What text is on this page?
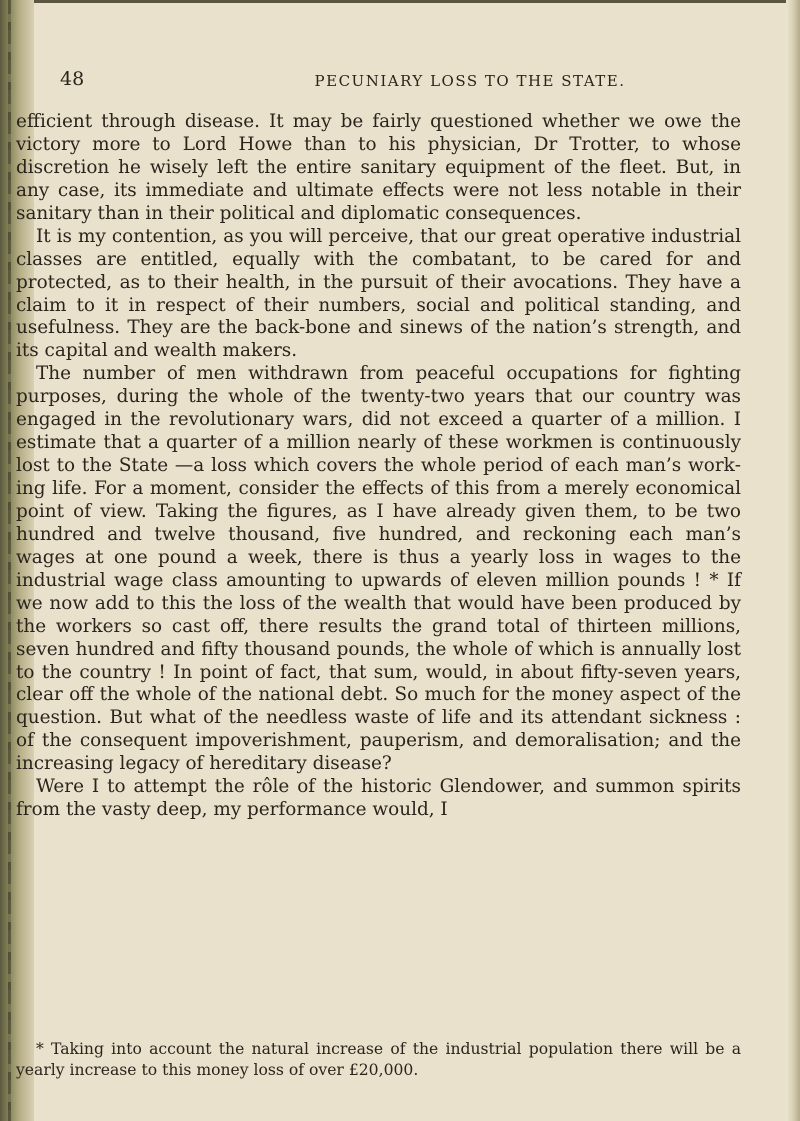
48	PECUNIARY LOSS TO THE STATE.

efficient through disease. It may be fairly questioned whether we owe the victory more to Lord Howe than to his physician, Dr Trotter, to whose discretion he wisely left the entire sanitary equipment of the fleet. But, in any case, its immediate and ultimate effects were not less notable in their sanitary than in their political and diplomatic consequences.

It is my contention, as you will perceive, that our great operative industrial classes are entitled, equally with the combatant, to be cared for and protected, as to their health, in the pursuit of their avocations. They have a claim to it in respect of their numbers, social and political standing, and usefulness. They are the back-bone and sinews of the nation’s strength, and its capital and wealth makers.

The number of men withdrawn from peaceful occupations for fighting purposes, during the whole of the twenty-two years that our country was engaged in the revolutionary wars, did not exceed a quarter of a million. I estimate that a quarter of a million nearly of these workmen is continuously lost to the State —a loss which covers the whole period of each man’s working life. For a moment, consider the effects of this from a merely economical point of view. Taking the figures, as I have already given them, to be two hundred and twelve thousand, five hundred, and reckoning each man’s wages at one pound a week, there is thus a yearly loss in wages to the industrial wage class amounting to upwards of eleven million pounds ! * If we now add to this the loss of the wealth that would have been produced by the workers so cast off, there results the grand total of thirteen millions, seven hundred and fifty thousand pounds, the whole of which is annually lost to the country ! In point of fact, that sum, would, in about fifty-seven years, clear off the whole of the national debt. So much for the money aspect of the question. But what of the needless waste of life and its attendant sickness : of the consequent impoverishment, pauperism, and demoralisation; and the increasing legacy of hereditary disease?

Were I to attempt the rôle of the historic Glendower, and summon spirits from the vasty deep, my performance would, I

* Taking into account the natural increase of the industrial population there will be a yearly increase to this money loss of over £20,000.
